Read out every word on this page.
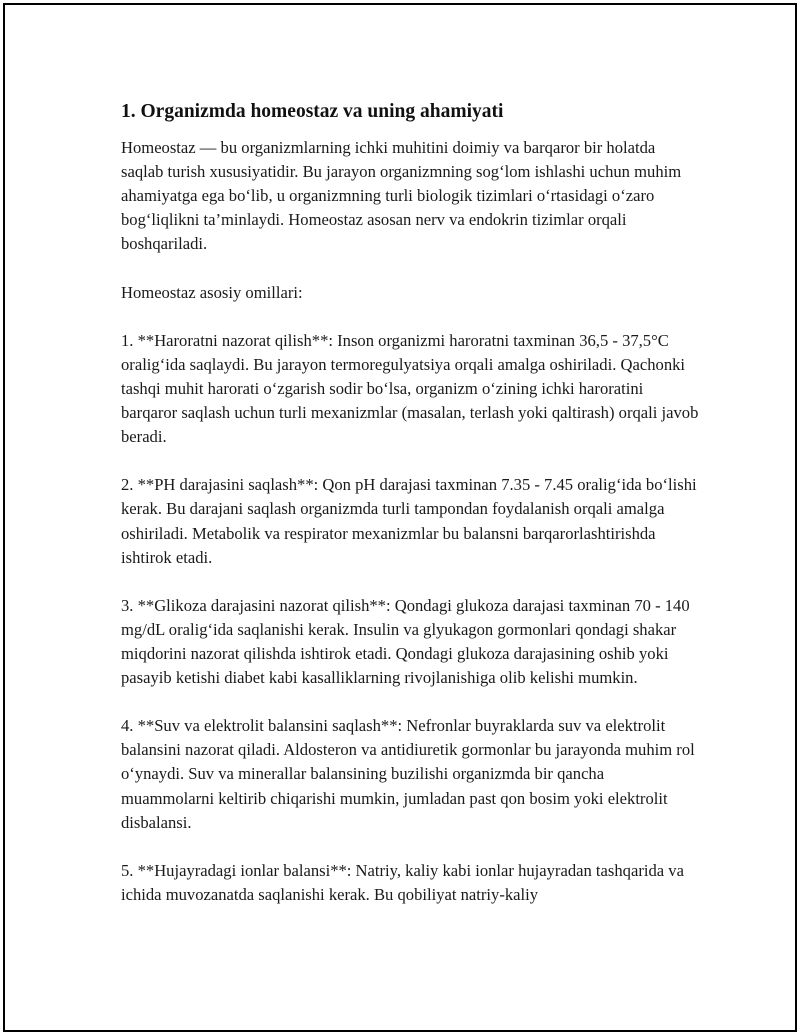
1. Organizmda homeostaz va uning ahamiyati

Homeostaz — bu organizmlarning ichki muhitini doimiy va barqaror bir holatda saqlab turish xususiyatidir. Bu jarayon organizmning sog‘lom ishlashi uchun muhim ahamiyatga ega bo‘lib, u organizmning turli biologik tizimlari o‘rtasidagi o‘zaro bog‘liqlikni ta’minlaydi. Homeostaz asosan nerv va endokrin tizimlar orqali boshqariladi.

Homeostaz asosiy omillari:

1. **Haroratni nazorat qilish**: Inson organizmi haroratni taxminan 36,5 - 37,5°C oralig‘ida saqlaydi. Bu jarayon termoregulyatsiya orqali amalga oshiriladi. Qachonki tashqi muhit harorati o‘zgarish sodir bo‘lsa, organizm o‘zining ichki haroratini barqaror saqlash uchun turli mexanizmlar (masalan, terlash yoki qaltirash) orqali javob beradi.

2. **PH darajasini saqlash**: Qon pH darajasi taxminan 7.35 - 7.45 oralig‘ida bo‘lishi kerak. Bu darajani saqlash organizmda turli tampondan foydalanish orqali amalga oshiriladi. Metabolik va respirator mexanizmlar bu balansni barqarorlashtirishda ishtirok etadi.

3. **Glikoza darajasini nazorat qilish**: Qondagi glukoza darajasi taxminan 70 - 140 mg/dL oralig‘ida saqlanishi kerak. Insulin va glyukagon gormonlari qondagi shakar miqdorini nazorat qilishda ishtirok etadi. Qondagi glukoza darajasining oshib yoki pasayib ketishi diabet kabi kasalliklarning rivojlanishiga olib kelishi mumkin.

4. **Suv va elektrolit balansini saqlash**: Nefronlar buyraklarda suv va elektrolit balansini nazorat qiladi. Aldosteron va antidiuretik gormonlar bu jarayonda muhim rol o‘ynaydi. Suv va minerallar balansining buzilishi organizmda bir qancha muammolarni keltirib chiqarishi mumkin, jumladan past qon bosim yoki elektrolit disbalansi.

5. **Hujayradagi ionlar balansi**: Natriy, kaliy kabi ionlar hujayradan tashqarida va ichida muvozanatda saqlanishi kerak. Bu qobiliyat natriy-kaliy
